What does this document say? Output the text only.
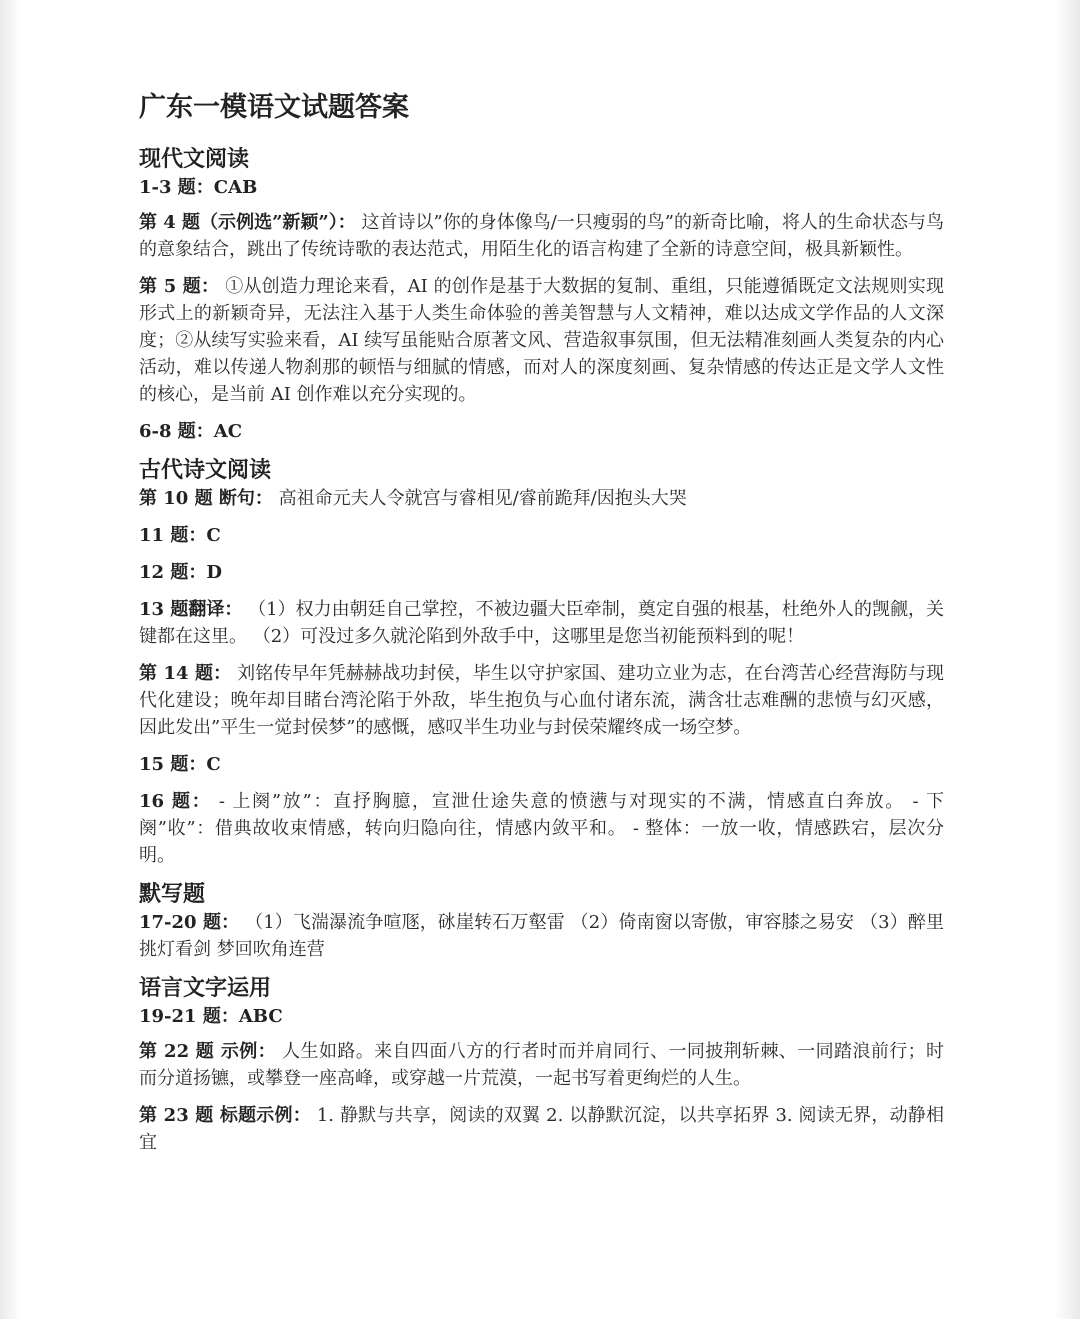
广东一模语文试题答案
现代文阅读

1-3 题：CAB

第 4 题（示例选”新颖”）： 这首诗以”你的身体像鸟/一只瘦弱的鸟”的新奇比喻，将人的生命状态与鸟的意象结合，跳出了传统诗歌的表达范式，用陌生化的语言构建了全新的诗意空间，极具新颖性。

第 5 题： ①从创造力理论来看，AI 的创作是基于大数据的复制、重组，只能遵循既定文法规则实现形式上的新颖奇异，无法注入基于人类生命体验的善美智慧与人文精神，难以达成文学作品的人文深度；②从续写实验来看，AI 续写虽能贴合原著文风、营造叙事氛围，但无法精准刻画人类复杂的内心活动，难以传递人物刹那的顿悟与细腻的情感，而对人的深度刻画、复杂情感的传达正是文学人文性的核心，是当前 AI 创作难以充分实现的。

6-8 题：AC

古代诗文阅读

第 10 题 断句： 高祖命元夫人令就宫与睿相见/睿前跪拜/因抱头大哭

11 题：C

12 题：D

13 题翻译： （1）权力由朝廷自己掌控，不被边疆大臣牵制，奠定自强的根基，杜绝外人的觊觎，关键都在这里。 （2）可没过多久就沦陷到外敌手中，这哪里是您当初能预料到的呢！

第 14 题： 刘铭传早年凭赫赫战功封侯，毕生以守护家国、建功立业为志，在台湾苦心经营海防与现代化建设；晚年却目睹台湾沦陷于外敌，毕生抱负与心血付诸东流，满含壮志难酬的悲愤与幻灭感，因此发出”平生一觉封侯梦”的感慨，感叹半生功业与封侯荣耀终成一场空梦。

15 题：C

16 题： - 上阕”放”：直抒胸臆，宣泄仕途失意的愤懑与对现实的不满，情感直白奔放。 - 下阕”收”：借典故收束情感，转向归隐向往，情感内敛平和。 - 整体：一放一收，情感跌宕，层次分明。

默写题

17-20 题： （1）飞湍瀑流争喧豗，砯崖转石万壑雷 （2）倚南窗以寄傲，审容膝之易安 （3）醉里挑灯看剑 梦回吹角连营

语言文字运用

19-21 题：ABC

第 22 题 示例： 人生如路。来自四面八方的行者时而并肩同行、一同披荆斩棘、一同踏浪前行；时而分道扬镳，或攀登一座高峰，或穿越一片荒漠，一起书写着更绚烂的人生。

第 23 题 标题示例： 1. 静默与共享，阅读的双翼 2. 以静默沉淀，以共享拓界 3. 阅读无界，动静相宜
